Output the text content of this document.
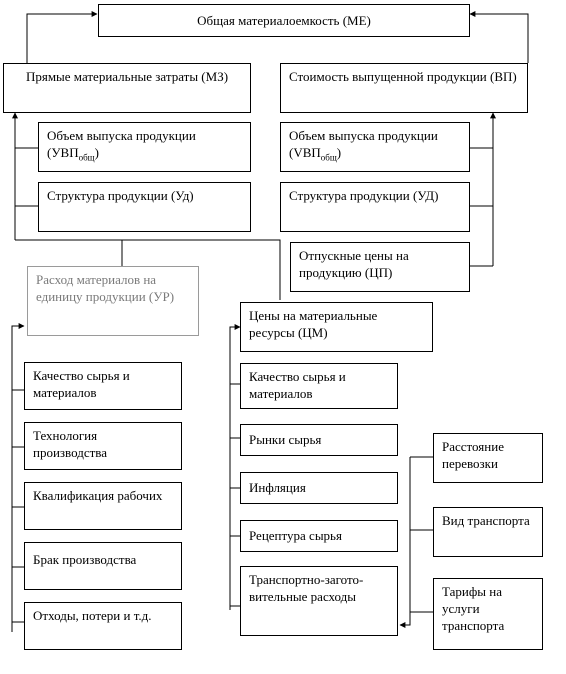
Общая материалоемкость (МЕ)
Прямые материальные затраты (МЗ)
Объем выпуска продукции $(УВП_{общ})$
Структура продукции (Уд)
Стоимость выпущенной продукции (ВП)
Объем выпуска продукции $(VВП_{общ})$
Структура продукции (УД)
Отпускные цены на продукцию (ЦП)
Расход материалов на единицу продукции (УР)
Качество сырья и материалов
Технология производства
Квалификация рабочих
Брак производства
Отходы, потери и т.д.
Цены на материальные ресурсы (ЦМ)
Качество сырья и материалов
Рынки сырья
Инфляция
Рецептура сырья
Транспортно-загото-вительные расходы
Расстояние перевозки
Вид транспорта
Тарифы на услуги транспорта
